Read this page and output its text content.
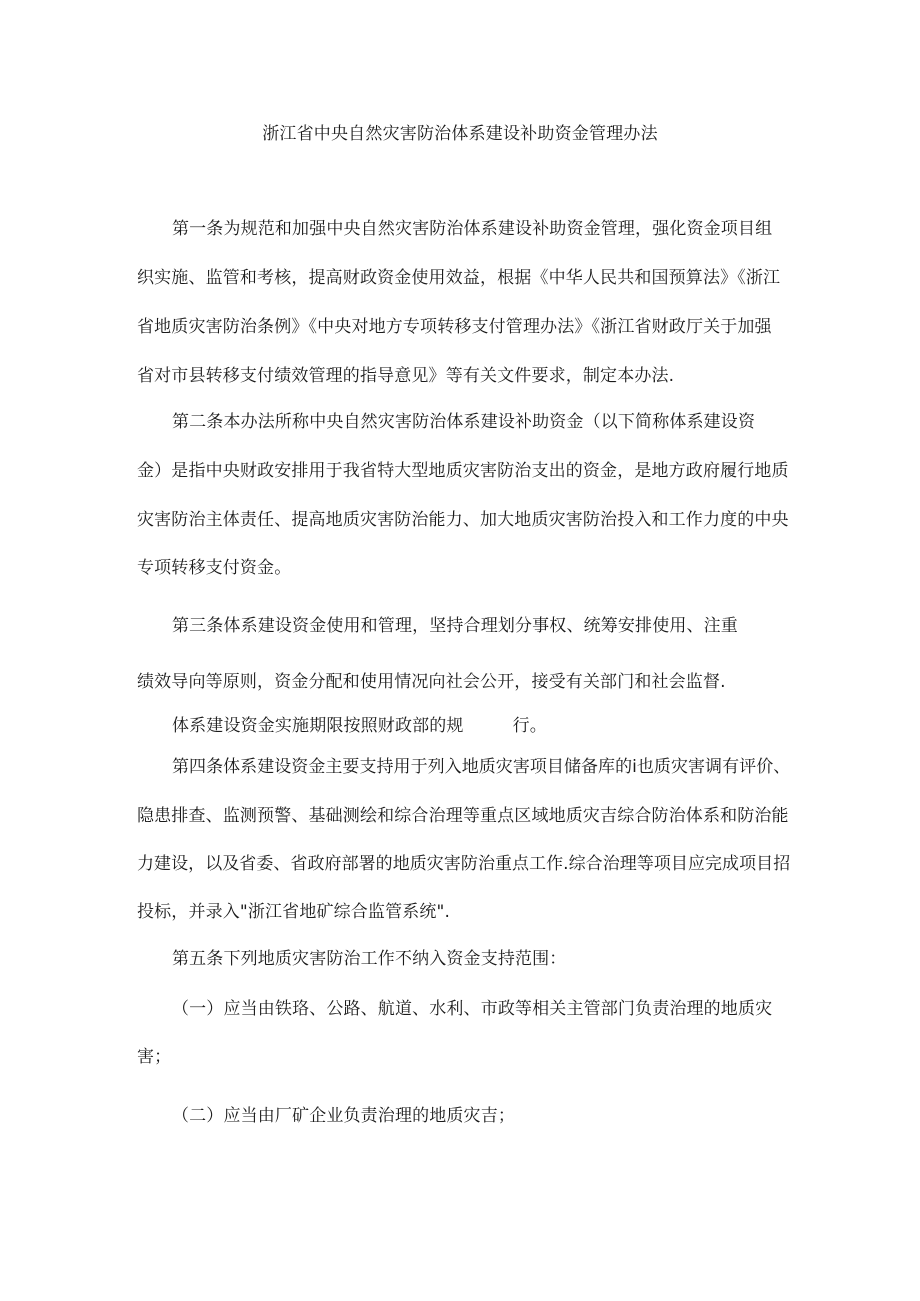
浙江省中央自然灾害防治体系建设补助资金管理办法
第一条为规范和加强中央自然灾害防治体系建设补助资金管理，强化资金项目组
织实施、监管和考核，提高财政资金使用效益，根据《中华人民共和国预算法》《浙江
省地质灾害防治条例》《中央对地方专项转移支付管理办法》《浙江省财政厅关于加强
省对市县转移支付绩效管理的指导意见》等有关文件要求，制定本办法.
第二条本办法所称中央自然灾害防治体系建设补助资金（以下简称体系建设资
金）是指中央财政安排用于我省特大型地质灾害防治支出的资金，是地方政府履行地质
灾害防治主体责任、提高地质灾害防治能力、加大地质灾害防治投入和工作力度的中央
专项转移支付资金。
第三条体系建设资金使用和管理，坚持合理划分事权、统筹安排使用、注重
绩效导向等原则，资金分配和使用情况向社会公开，接受有关部门和社会监督.
体系建设资金实施期限按照财政部的规	行。
第四条体系建设资金主要支持用于列入地质灾害项目储备库的i也质灾害调有评价、
隐患排查、监测预警、基础测绘和综合治理等重点区域地质灾吉综合防治体系和防治能
力建设，以及省委、省政府部署的地质灾害防治重点工作.综合治理等项目应完成项目招
投标，并录入"浙江省地矿综合监管系统".
第五条下列地质灾害防治工作不纳入资金支持范围：
（一）应当由铁珞、公路、航道、水利、市政等相关主管部门负责治理的地质灾
害；
（二）应当由厂矿企业负责治理的地质灾吉；
